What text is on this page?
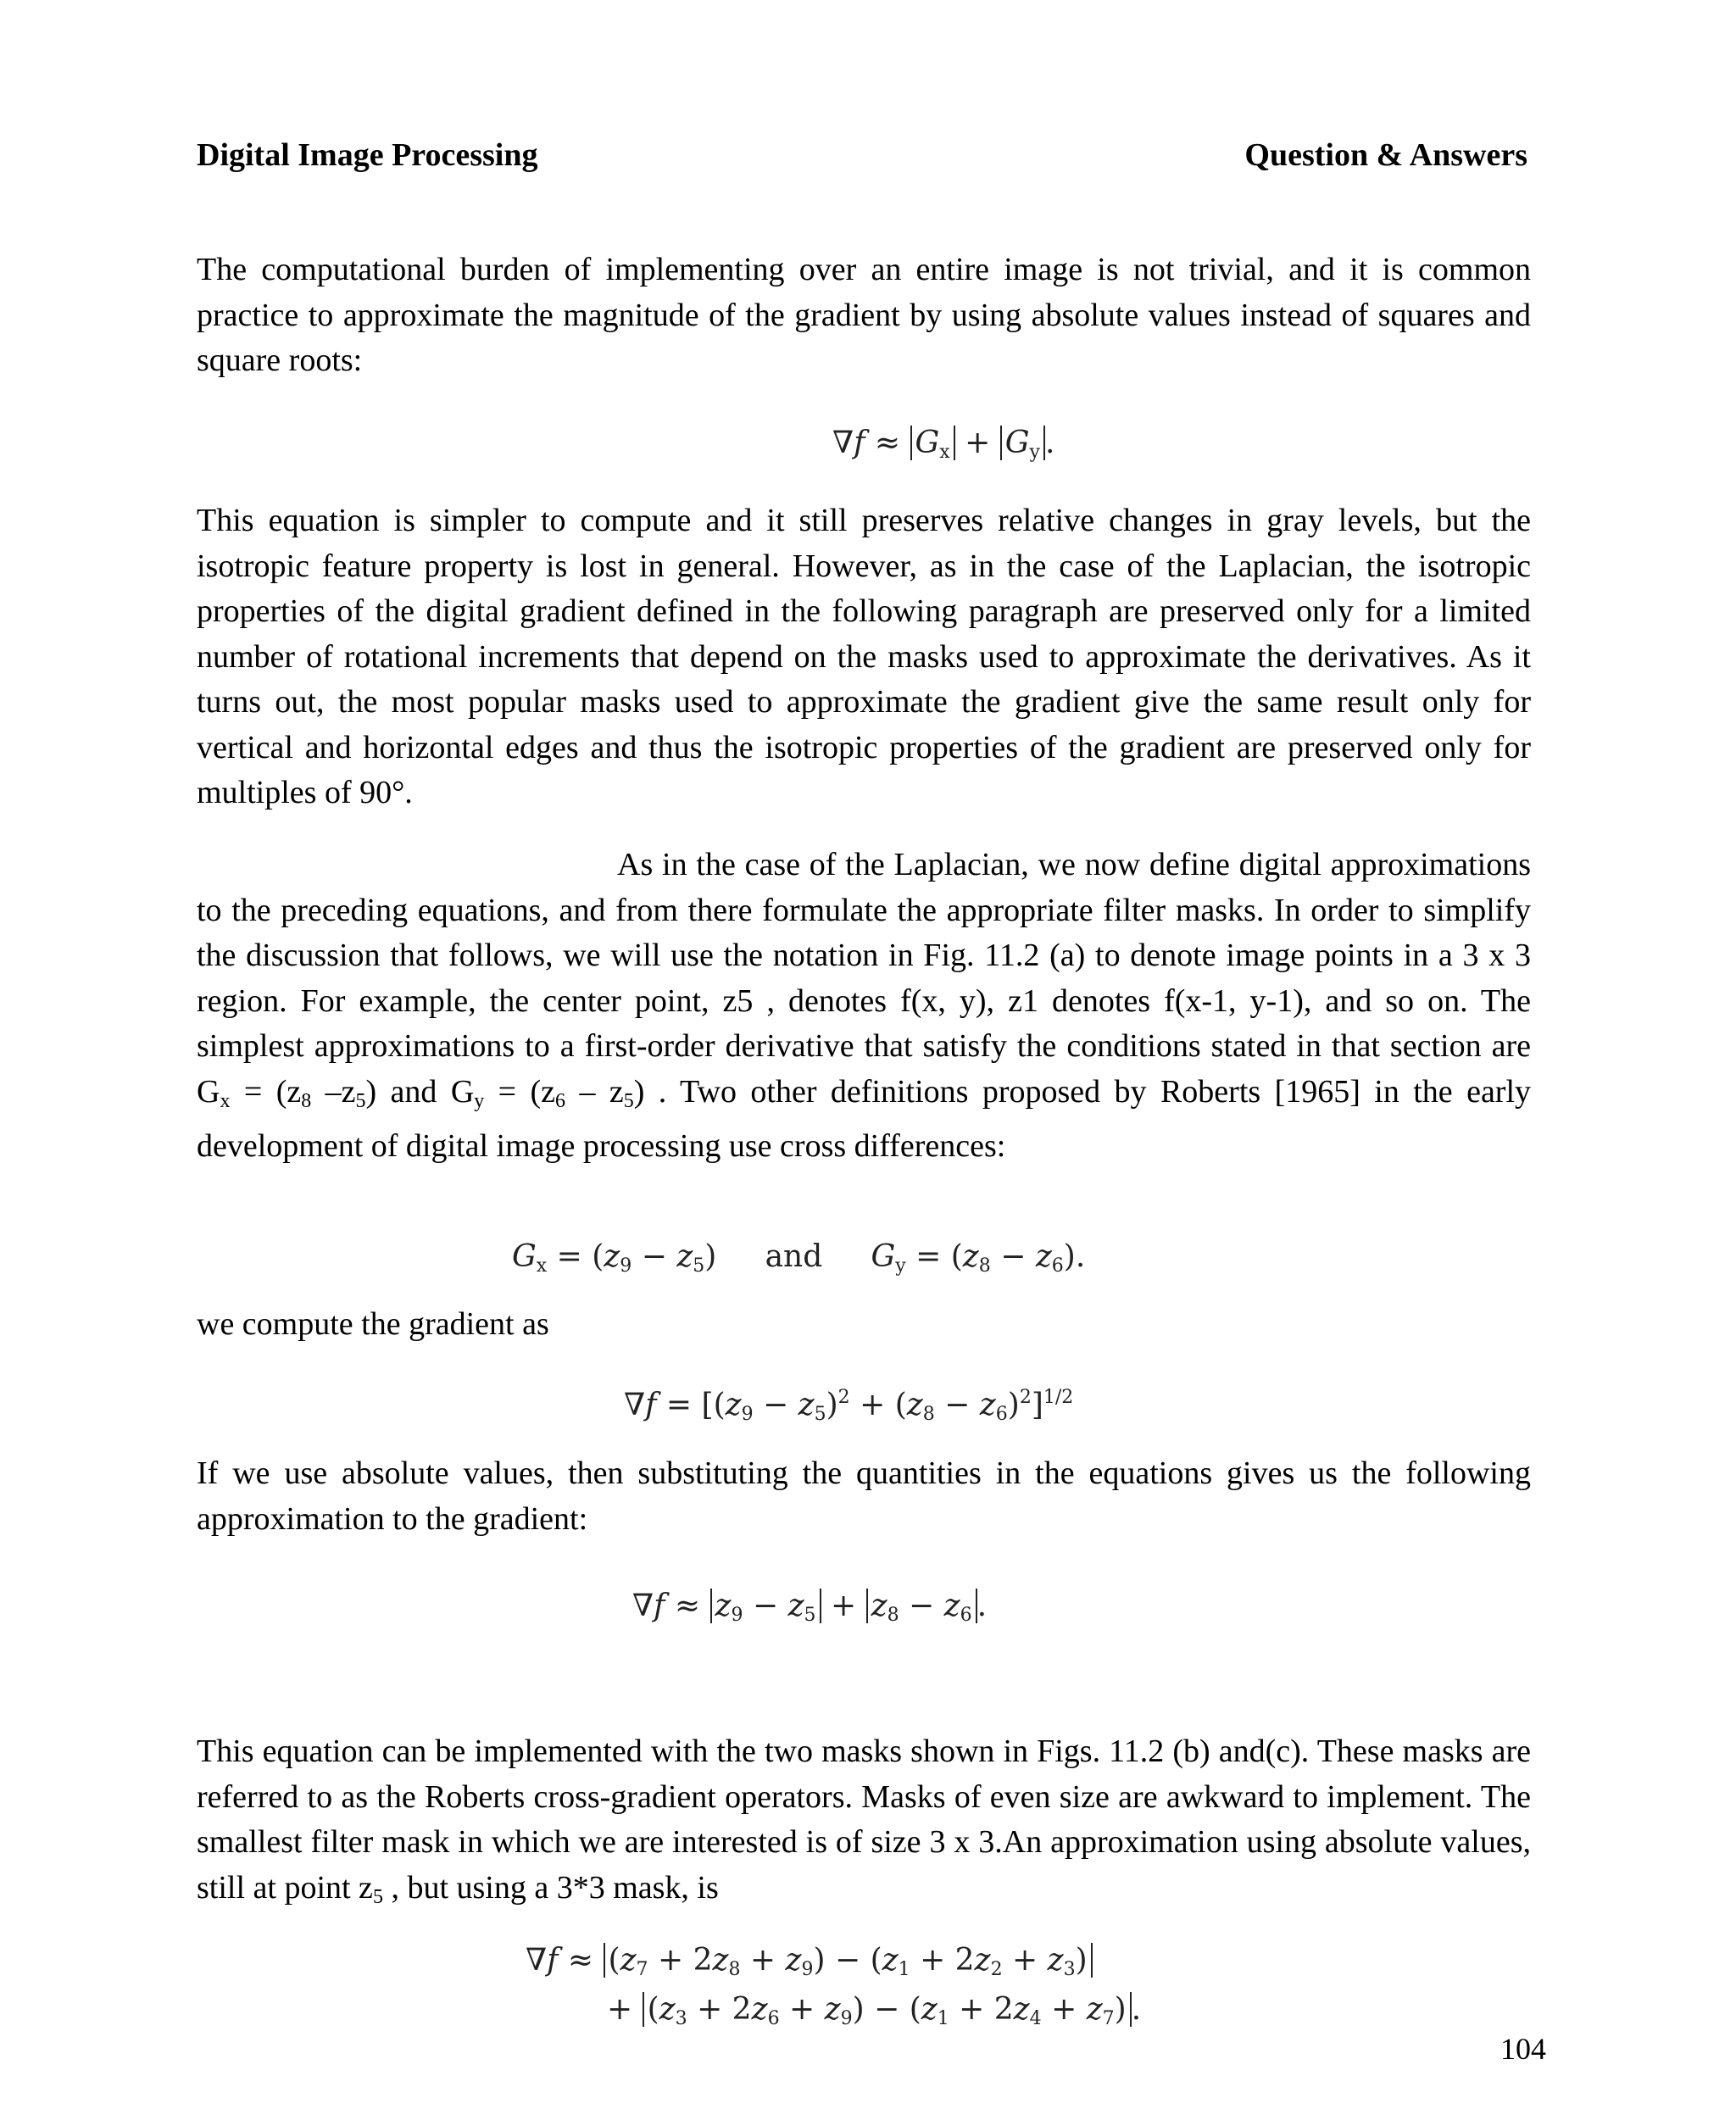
Digital Image Processing	Question & Answers

The computational burden of implementing over an entire image is not trivial, and it is common practice to approximate the magnitude of the gradient by using absolute values instead of squares and square roots:

$\nabla f \approx G_x + G_y$ .

This equation is simpler to compute and it still preserves relative changes in gray levels, but the isotropic feature property is lost in general. However, as in the case of the Laplacian, the isotropic properties of the digital gradient defined in the following paragraph are preserved only for a limited number of rotational increments that depend on the masks used to approximate the derivatives. As it turns out, the most popular masks used to approximate the gradient give the same result only for vertical and horizontal edges and thus the isotropic properties of the gradient are preserved only for multiples of 90°.

As in the case of the Laplacian, we now define digital approximations to the preceding equations, and from there formulate the appropriate filter masks. In order to simplify the discussion that follows, we will use the notation in Fig. 11.2 (a) to denote image points in a 3 x 3 region. For example, the center point, z5 , denotes f(x, y), z1 denotes f(x-1, y-1), and so on. The simplest approximations to a first-order derivative that satisfy the conditions stated in that section are $G_x = (z_8$ $-z_5$) and $G_y = (z_6 - z_5)$ . Two other definitions proposed by Roberts [1965] in the early development of digital image processing use cross differences:

$G_x = (z_9 - z_5)$     and $G_y = (z_8 - z_6)$.

we compute the gradient as

$\nabla f = [(z_9 - z_5)^2 + (z_8 - z_6)^2]^{1/2}$

If we use absolute values, then substituting the quantities in the equations gives us the following approximation to the gradient:

$\nabla f \approx z_9 - z_5 + z_8 - z_6$ .

This equation can be implemented with the two masks shown in Figs. 11.2 (b) and(c). These masks are referred to as the Roberts cross-gradient operators. Masks of even size are awkward to implement. The smallest filter mask in which we are interested is of size 3 x 3.An approximation using absolute values, still at point $z_5$ , but using a 3*3 mask, is

$\nabla f \approx (z_7 + 2z_8 + z_9) - (z_1 + 2z_2 + z_3)$
+ $(z_3 + 2z_6 + z_9) - (z_1 + 2z_4 + z_7)$ .
104
